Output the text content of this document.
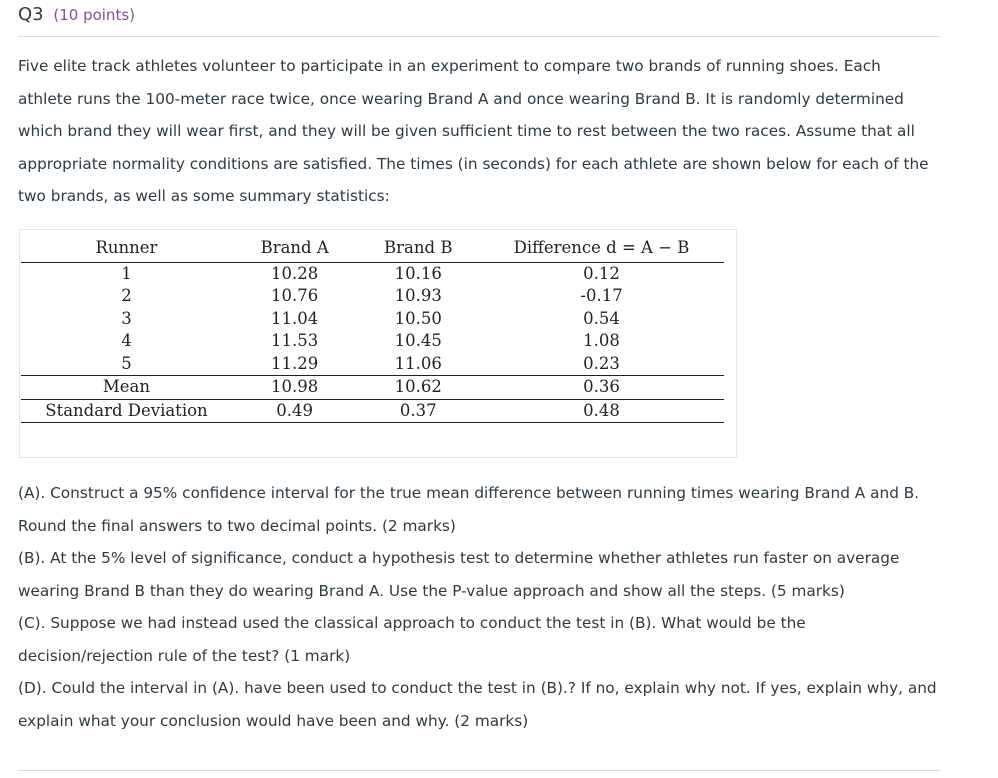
Q3 (10 points)
Five elite track athletes volunteer to participate in an experiment to compare two brands of running shoes. Each athlete runs the 100-meter race twice, once wearing Brand A and once wearing Brand B. It is randomly determined which brand they will wear first, and they will be given sufficient time to rest between the two races. Assume that all appropriate normality conditions are satisfied. The times (in seconds) for each athlete are shown below for each of the two brands, as well as some summary statistics:
Runner	Brand A	Brand B	Difference d = A − B
1	10.28	10.16	0.12
2	10.76	10.93	-0.17
3	11.04	10.50	0.54
4	11.53	10.45	1.08
5	11.29	11.06	0.23
Mean	10.98	10.62	0.36
Standard Deviation	0.49	0.37	0.48
(A). Construct a 95% confidence interval for the true mean difference between running times wearing Brand A and B. Round the final answers to two decimal points. (2 marks)
(B). At the 5% level of significance, conduct a hypothesis test to determine whether athletes run faster on average wearing Brand B than they do wearing Brand A. Use the P-value approach and show all the steps. (5 marks)
(C). Suppose we had instead used the classical approach to conduct the test in (B). What would be the decision/rejection rule of the test? (1 mark)
(D). Could the interval in (A). have been used to conduct the test in (B).? If no, explain why not. If yes, explain why, and explain what your conclusion would have been and why. (2 marks)
